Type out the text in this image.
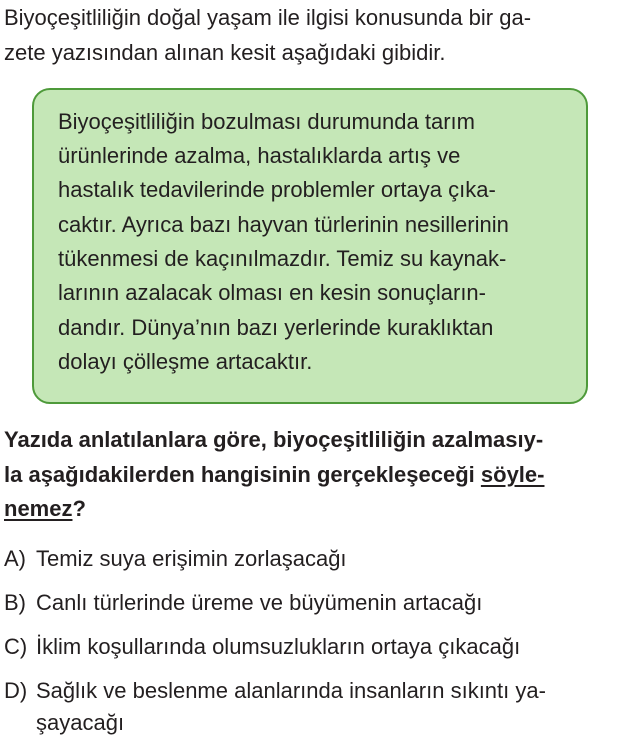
Biyoçeşitliliğin doğal yaşam ile ilgisi konusunda bir ga-
zete yazısından alınan kesit aşağıdaki gibidir.
Biyoçeşitliliğin bozulması durumunda tarım
ürünlerinde azalma, hastalıklarda artış ve
hastalık tedavilerinde problemler ortaya çıka-
caktır. Ayrıca bazı hayvan türlerinin nesillerinin
tükenmesi de kaçınılmazdır. Temiz su kaynak-
larının azalacak olması en kesin sonuçların-
dandır. Dünya’nın bazı yerlerinde kuraklıktan
dolayı çölleşme artacaktır.
Yazıda anlatılanlara göre, biyoçeşitliliğin azalmasıy-
la aşağıdakilerden hangisinin gerçekleşeceği söyle-
nemez?
A) Temiz suya erişimin zorlaşacağı
B) Canlı türlerinde üreme ve büyümenin artacağı
C) İklim koşullarında olumsuzlukların ortaya çıkacağı
D) Sağlık ve beslenme alanlarında insanların sıkıntı ya-
şayacağı
